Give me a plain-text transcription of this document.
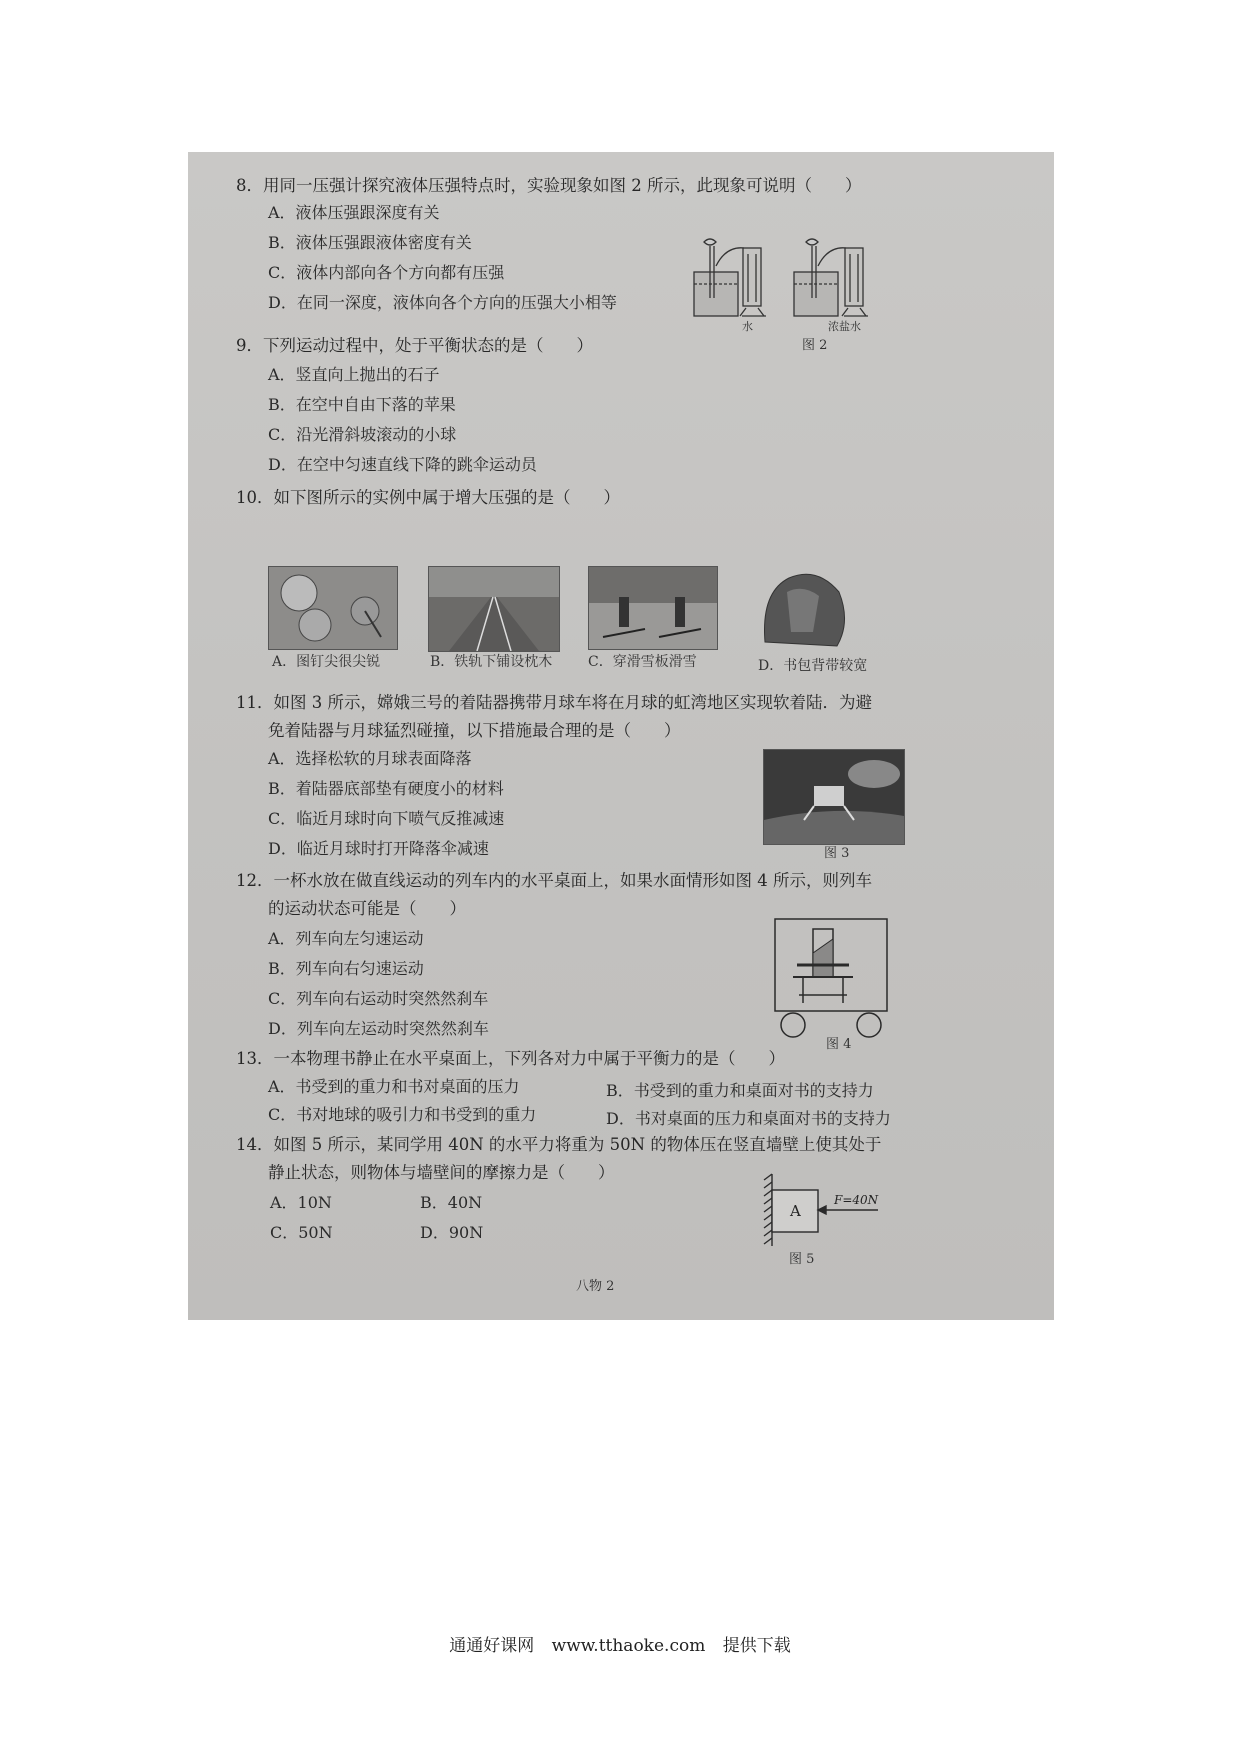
8．用同一压强计探究液体压强特点时，实验现象如图 2 所示，此现象可说明（　　）
A．液体压强跟深度有关
B．液体压强跟液体密度有关
C．液体内部向各个方向都有压强
D．在同一深度，液体向各个方向的压强大小相等
水	浓盐水
图 2
9．下列运动过程中，处于平衡状态的是（　　）
A．竖直向上抛出的石子
B．在空中自由下落的苹果
C．沿光滑斜坡滚动的小球
D．在空中匀速直线下降的跳伞运动员
10．如下图所示的实例中属于增大压强的是（　　）
A．图钉尖很尖锐	B．铁轨下铺设枕木	C．穿滑雪板滑雪	D．书包背带较宽
11．如图 3 所示，嫦娥三号的着陆器携带月球车将在月球的虹湾地区实现软着陆．为避
免着陆器与月球猛烈碰撞，以下措施最合理的是（　　）
A．选择松软的月球表面降落
B．着陆器底部垫有硬度小的材料
C．临近月球时向下喷气反推减速
D．临近月球时打开降落伞减速	图 3
12．一杯水放在做直线运动的列车内的水平桌面上，如果水面情形如图 4 所示，则列车
的运动状态可能是（　　）
A．列车向左匀速运动
B．列车向右匀速运动
C．列车向右运动时突然然刹车
D．列车向左运动时突然然刹车
图 4
13．一本物理书静止在水平桌面上，下列各对力中属于平衡力的是（　　）
A．书受到的重力和书对桌面的压力	B．书受到的重力和桌面对书的支持力
C．书对地球的吸引力和书受到的重力	D．书对桌面的压力和桌面对书的支持力
14．如图 5 所示，某同学用 40N 的水平力将重为 50N 的物体压在竖直墙壁上使其处于
静止状态，则物体与墙壁间的摩擦力是（　　）
A．10N	B．40N
C．50N	D．90N
A
F=40N
图 5
八物 2
通通好课网 www.tthaoke.com 提供下载
